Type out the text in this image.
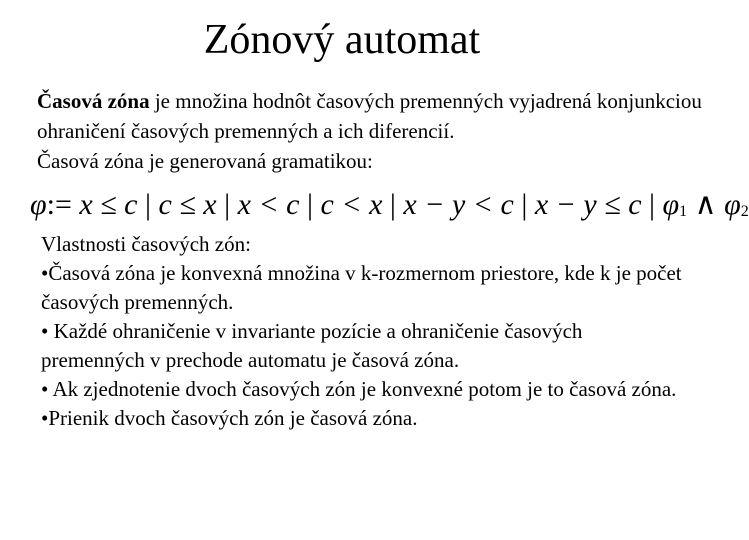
Zónový automat
Časová zóna je množina hodnôt časových premenných vyjadrená konjunkciou ohraničení časových premenných a ich diferencií.
Časová zóna je generovaná gramatikou:
φ:= x ≤ c | c ≤ x | x < c | c < x | x − y < c | x − y ≤ c | φ1 ∧ φ2

Vlastnosti časových zón:

•Časová zóna je konvexná množina v k-rozmernom priestore, kde k je počet časových premenných.

• Každé ohraničenie v invariante pozície a ohraničenie časových premenných v prechode automatu je časová zóna.

• Ak zjednotenie dvoch časových zón je konvexné potom je to časová zóna.

•Prienik dvoch časových zón je časová zóna.
